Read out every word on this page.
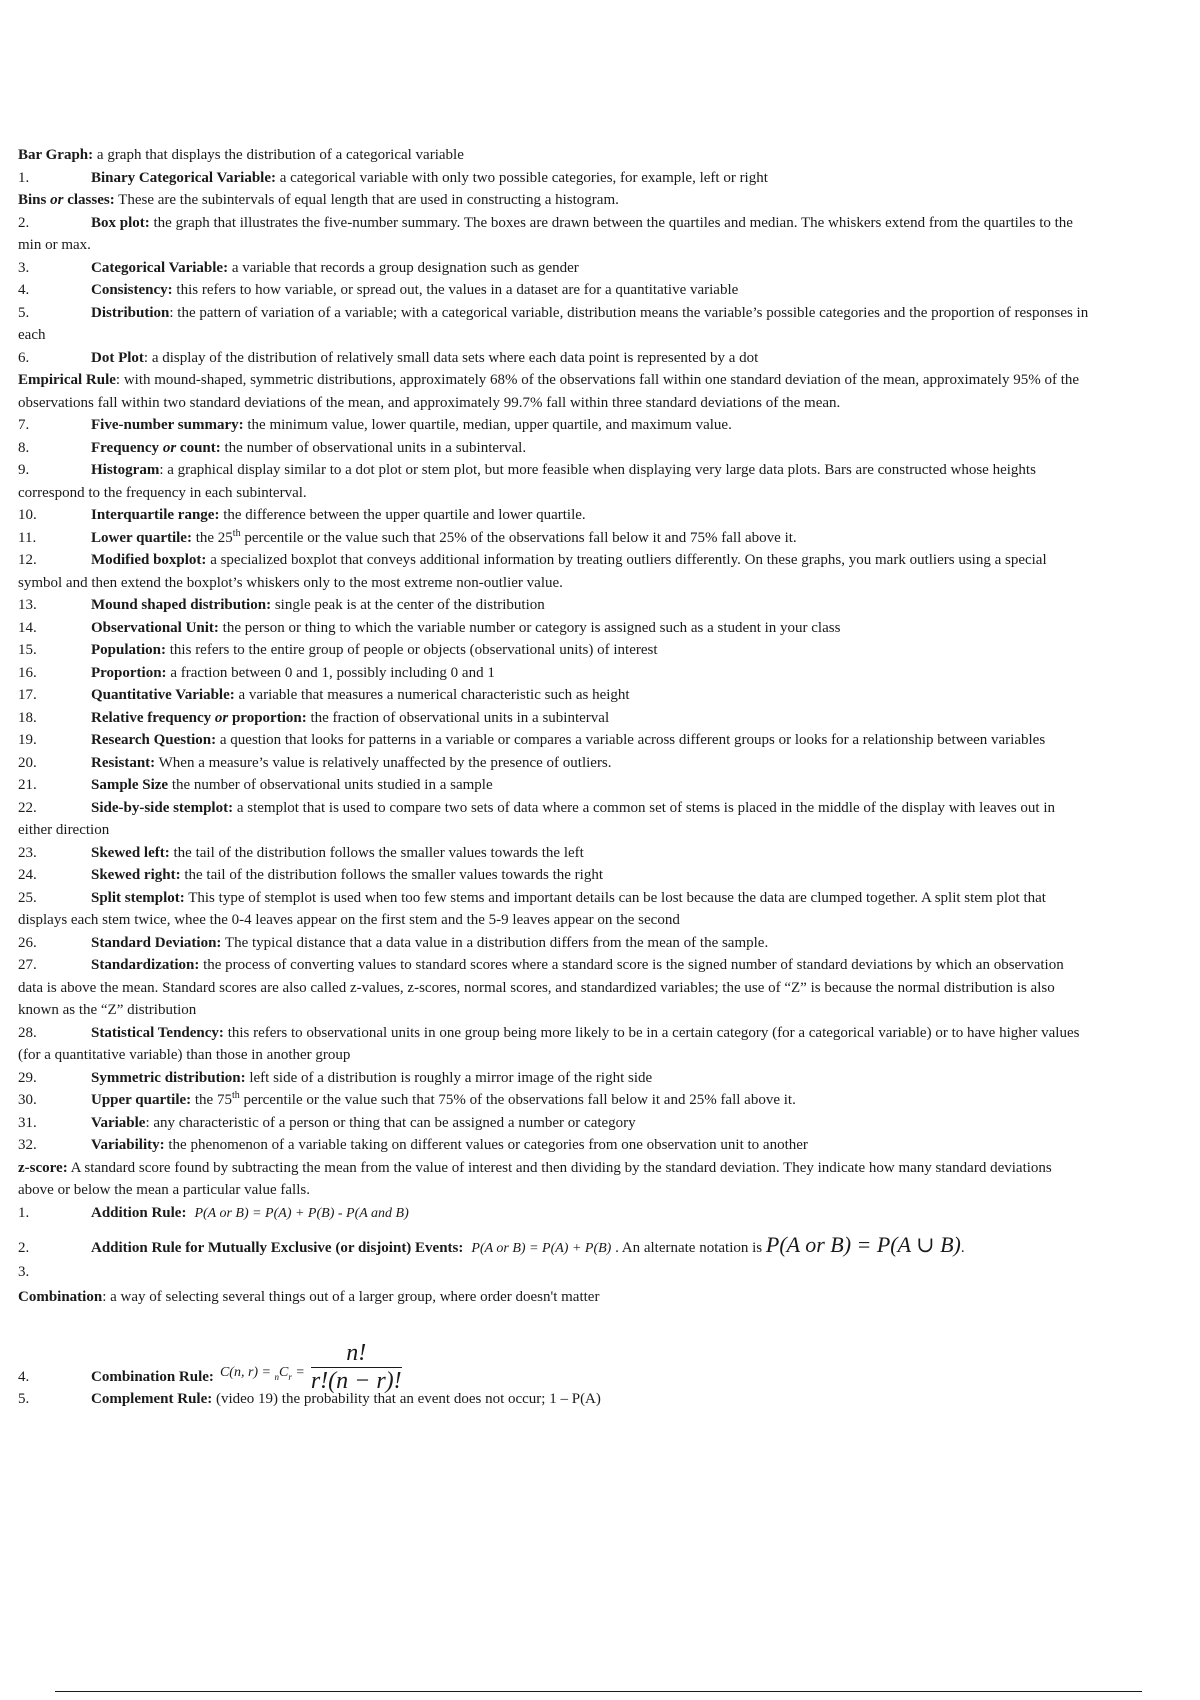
Bar Graph: a graph that displays the distribution of a categorical variable
1.	Binary Categorical Variable: a categorical variable with only two possible categories, for example, left or right
Bins or classes: These are the subintervals of equal length that are used in constructing a histogram.
2.	Box plot: the graph that illustrates the five-number summary. The boxes are drawn between the quartiles and median. The whiskers extend from the quartiles to the
min or max.
3.	Categorical Variable: a variable that records a group designation such as gender
4.	Consistency: this refers to how variable, or spread out, the values in a dataset are for a quantitative variable
5.	Distribution: the pattern of variation of a variable; with a categorical variable, distribution means the variable’s possible categories and the proportion of responses in
each
6.	Dot Plot: a display of the distribution of relatively small data sets where each data point is represented by a dot
Empirical Rule: with mound-shaped, symmetric distributions, approximately 68% of the observations fall within one standard deviation of the mean, approximately 95% of the
observations fall within two standard deviations of the mean, and approximately 99.7% fall within three standard deviations of the mean.
7.	Five-number summary: the minimum value, lower quartile, median, upper quartile, and maximum value.
8.	Frequency or count: the number of observational units in a subinterval.
9.	Histogram: a graphical display similar to a dot plot or stem plot, but more feasible when displaying very large data plots. Bars are constructed whose heights
correspond to the frequency in each subinterval.
10.	Interquartile range: the difference between the upper quartile and lower quartile.
11.	Lower quartile: the 25th percentile or the value such that 25% of the observations fall below it and 75% fall above it.
12.	Modified boxplot: a specialized boxplot that conveys additional information by treating outliers differently. On these graphs, you mark outliers using a special
symbol and then extend the boxplot’s whiskers only to the most extreme non-outlier value.
13.	Mound shaped distribution: single peak is at the center of the distribution
14.	Observational Unit: the person or thing to which the variable number or category is assigned such as a student in your class
15.	Population: this refers to the entire group of people or objects (observational units) of interest
16.	Proportion: a fraction between 0 and 1, possibly including 0 and 1
17.	Quantitative Variable: a variable that measures a numerical characteristic such as height
18.	Relative frequency or proportion: the fraction of observational units in a subinterval
19.	Research Question: a question that looks for patterns in a variable or compares a variable across different groups or looks for a relationship between variables
20.	Resistant: When a measure’s value is relatively unaffected by the presence of outliers.
21.	Sample Size the number of observational units studied in a sample
22.	Side-by-side stemplot: a stemplot that is used to compare two sets of data where a common set of stems is placed in the middle of the display with leaves out in
either direction
23.	Skewed left: the tail of the distribution follows the smaller values towards the left
24.	Skewed right: the tail of the distribution follows the smaller values towards the right
25.	Split stemplot: This type of stemplot is used when too few stems and important details can be lost because the data are clumped together. A split stem plot that
displays each stem twice, whee the 0-4 leaves appear on the first stem and the 5-9 leaves appear on the second
26.	Standard Deviation: The typical distance that a data value in a distribution differs from the mean of the sample.
27.	Standardization: the process of converting values to standard scores where a standard score is the signed number of standard deviations by which an observation
data is above the mean. Standard scores are also called z-values, z-scores, normal scores, and standardized variables; the use of “Z” is because the normal distribution is also
known as the “Z” distribution
28.	Statistical Tendency: this refers to observational units in one group being more likely to be in a certain category (for a categorical variable) or to have higher values
(for a quantitative variable) than those in another group
29.	Symmetric distribution: left side of a distribution is roughly a mirror image of the right side
30.	Upper quartile: the 75th percentile or the value such that 75% of the observations fall below it and 25% fall above it.
31.	Variable: any characteristic of a person or thing that can be assigned a number or category
32.	Variability: the phenomenon of a variable taking on different values or categories from one observation unit to another
z-score: A standard score found by subtracting the mean from the value of interest and then dividing by the standard deviation. They indicate how many standard deviations
above or below the mean a particular value falls.
1.	Addition Rule: P(A or B) = P(A) + P(B) - P(A and B)
2.	Addition Rule for Mutually Exclusive (or disjoint) Events: P(A or B) = P(A) + P(B) . An alternate notation is P(A or B) = P(A ∪ B).
3.
Combination: a way of selecting several things out of a larger group, where order doesn't matter
4.	Combination Rule: C(n, $r) = _nC_r = \frac{n!}{r!(n - r)!}$
5.	Complement Rule: (video 19) the probability that an event does not occur; 1 – P(A)
